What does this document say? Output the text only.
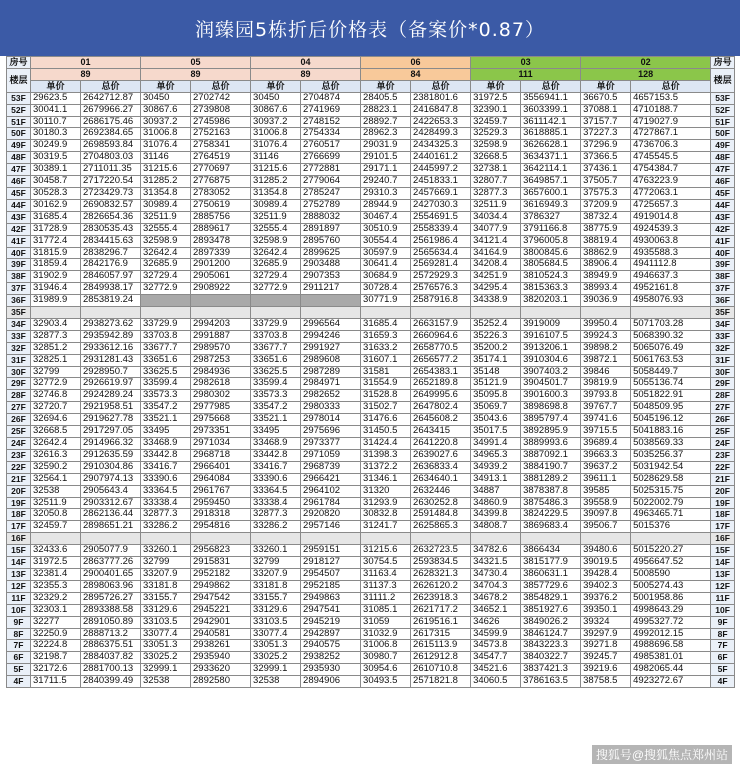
润臻园5栋折后价格表（备案价*0.87）
房号	01		05		04		06		03		02		房号
楼层	89		89		89		84		111		128		楼层
	单价	总价	单价	总价	单价	总价	单价	总价	单价	总价	单价	总价	
53F	29623.5	2642712.87	30450	2702742	30450	2704874	28405.5	2381801.6	31972.5	3556941.1	36670.5	4657153.5	53F
52F	30041.1	2679966.27	30867.6	2739808	30867.6	2741969	28823.1	2416847.8	32390.1	3603399.1	37088.1	4710188.7	52F
51F	30110.7	2686175.46	30937.2	2745986	30937.2	2748152	28892.7	2422653.3	32459.7	3611142.1	37157.7	4719027.9	51F
50F	30180.3	2692384.65	31006.8	2752163	31006.8	2754334	28962.3	2428499.3	32529.3	3618885.1	37227.3	4727867.1	50F
49F	30249.9	2698593.84	31076.4	2758341	31076.4	2760517	29031.9	2434325.3	32598.9	3626628.1	37296.9	4736706.3	49F
48F	30319.5	2704803.03	31146	2764519	31146	2766699	29101.5	2440161.2	32668.5	3634371.1	37366.5	4745545.5	48F
47F	30389.1	2711011.35	31215.6	2770697	31215.6	2772881	29171.1	2445997.2	32738.1	3642114.1	37436.1	4754384.7	47F
46F	30458.7	2717220.54	31285.2	2776875	31285.2	2779064	29240.7	2451833.1	32807.7	3649857.1	37505.7	4763223.9	46F
45F	30528.3	2723429.73	31354.8	2783052	31354.8	2785247	29310.3	2457669.1	32877.3	3657600.1	37575.3	4772063.1	45F
44F	30162.9	2690832.57	30989.4	2750619	30989.4	2752789	28944.9	2427030.3	32511.9	3616949.3	37209.9	4725657.3	44F
43F	31685.4	2826654.36	32511.9	2885756	32511.9	2888032	30467.4	2554691.5	34034.4	3786327	38732.4	4919014.8	43F
42F	31728.9	2830535.43	32555.4	2889617	32555.4	2891897	30510.9	2558339.4	34077.9	3791166.8	38775.9	4924539.3	42F
41F	31772.4	2834415.63	32598.9	2893478	32598.9	2895760	30554.4	2561986.4	34121.4	3796005.8	38819.4	4930063.8	41F
40F	31815.9	2838296.7	32642.4	2897339	32642.4	2899625	30597.9	2565634.4	34164.9	3800845.6	38862.9	4935588.3	40F
39F	31859.4	2842176.9	32685.9	2901200	32685.9	2903488	30641.4	2569281.4	34208.4	3805684.5	38906.4	4941112.8	39F
38F	31902.9	2846057.97	32729.4	2905061	32729.4	2907353	30684.9	2572929.3	34251.9	3810524.3	38949.9	4946637.3	38F
37F	31946.4	2849938.17	32772.9	2908922	32772.9	2911217	30728.4	2576576.3	34295.4	3815363.3	38993.4	4952161.8	37F
36F	31989.9	2853819.24					30771.9	2587916.8	34338.9	3820203.1	39036.9	4958076.93	36F
35F													35F
34F	32903.4	2938273.62	33729.9	2994203	33729.9	2996564	31685.4	2663157.9	35252.4	3919009	39950.4	5071703.28	34F
33F	32877.3	2935942.89	33703.8	2991887	33703.8	2994246	31659.3	2660964.6	35226.3	3916107.5	39924.3	5068390.32	33F
32F	32851.2	2933612.16	33677.7	2989570	33677.7	2991927	31633.2	2658770.5	35200.2	3913206.1	39898.2	5065076.49	32F
31F	32825.1	2931281.43	33651.6	2987253	33651.6	2989608	31607.1	2656577.2	35174.1	3910304.6	39872.1	5061763.53	31F
30F	32799	2928950.7	33625.5	2984936	33625.5	2987289	31581	2654383.1	35148	3907403.2	39846	5058449.7	30F
29F	32772.9	2926619.97	33599.4	2982618	33599.4	2984971	31554.9	2652189.8	35121.9	3904501.7	39819.9	5055136.74	29F
28F	32746.8	2924289.24	33573.3	2980302	33573.3	2982652	31528.8	2649995.6	35095.8	3901600.3	39793.8	5051822.91	28F
27F	32720.7	2921958.51	33547.2	2977985	33547.2	2980333	31502.7	2647802.4	35069.7	3898698.8	39767.7	5048509.95	27F
26F	32694.6	2919627.78	33521.1	2975668	33521.1	2978014	31476.6	2645608.2	35043.6	3895797.4	39741.6	5045196.12	26F
25F	32668.5	2917297.05	33495	2973351	33495	2975696	31450.5	2643415	35017.5	3892895.9	39715.5	5041883.16	25F
24F	32642.4	2914966.32	33468.9	2971034	33468.9	2973377	31424.4	2641220.8	34991.4	3889993.6	39689.4	5038569.33	24F
23F	32616.3	2912635.59	33442.8	2968718	33442.8	2971059	31398.3	2639027.6	34965.3	3887092.1	39663.3	5035256.37	23F
22F	32590.2	2910304.86	33416.7	2966401	33416.7	2968739	31372.2	2636833.4	34939.2	3884190.7	39637.2	5031942.54	22F
21F	32564.1	2907974.13	33390.6	2964084	33390.6	2966421	31346.1	2634640.1	34913.1	3881289.2	39611.1	5028629.58	21F
20F	32538	2905643.4	33364.5	2961767	33364.5	2964102	31320	2632446	34887	3878387.8	39585	5025315.75	20F
19F	32511.9	2903312.67	33338.4	2959450	33338.4	2961784	31293.9	2630252.8	34860.9	3875486.3	39558.9	5022002.79	19F
18F	32050.8	2862136.44	32877.3	2918318	32877.3	2920820	30832.8	2591484.8	34399.8	3824229.5	39097.8	4963465.71	18F
17F	32459.7	2898651.21	33286.2	2954816	33286.2	2957146	31241.7	2625865.3	34808.7	3869683.4	39506.7	5015376	17F
16F													16F
15F	32433.6	2905077.9	33260.1	2956823	33260.1	2959151	31215.6	2632723.5	34782.6	3866434	39480.6	5015220.27	15F
14F	31972.5	2863777.26	32799	2915831	32799	2918127	30754.5	2593834.5	34321.5	3815177.9	39019.5	4956647.52	14F
13F	32381.4	2900401.65	33207.9	2952182	33207.9	2954507	31163.4	2628321.3	34730.4	3860631.1	39428.4	5008590	13F
12F	32355.3	2898063.96	33181.8	2949862	33181.8	2952185	31137.3	2626120.2	34704.3	3857729.6	39402.3	5005274.43	12F
11F	32329.2	2895726.27	33155.7	2947542	33155.7	2949863	31111.2	2623918.3	34678.2	3854829.1	39376.2	5001958.86	11F
10F	32303.1	2893388.58	33129.6	2945221	33129.6	2947541	31085.1	2621717.2	34652.1	3851927.6	39350.1	4998643.29	10F
9F	32277	2891050.89	33103.5	2942901	33103.5	2945219	31059	2619516.1	34626	3849026.2	39324	4995327.72	9F
8F	32250.9	2888713.2	33077.4	2940581	33077.4	2942897	31032.9	2617315	34599.9	3846124.7	39297.9	4992012.15	8F
7F	32224.8	2886375.51	33051.3	2938261	33051.3	2940575	31006.8	2615113.9	34573.8	3843223.3	39271.8	4988696.58	7F
6F	32198.7	2884037.82	33025.2	2935940	33025.2	2938252	30980.7	2612912.8	34547.7	3840322.7	39245.7	4985381.01	6F
5F	32172.6	2881700.13	32999.1	2933620	32999.1	2935930	30954.6	2610710.8	34521.6	3837421.3	39219.6	4982065.44	5F
4F	31711.5	2840399.49	32538	2892580	32538	2894906	30493.5	2571821.8	34060.5	3786163.5	38758.5	4923272.67	4F
搜狐号@搜狐焦点郑州站
